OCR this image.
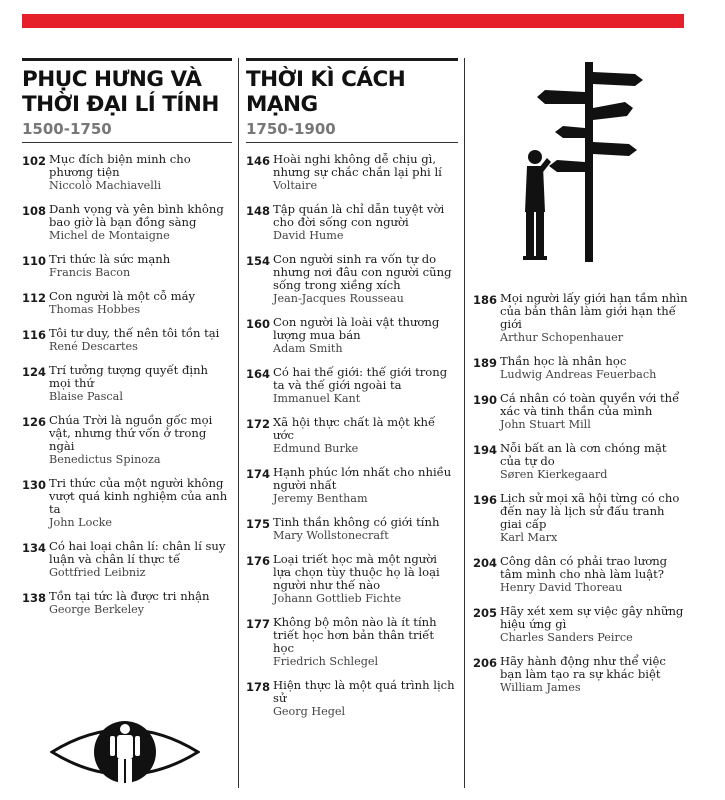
PHỤC HƯNG VÀ
THỜI ĐẠI LÍ TÍNH
1500-1750
102 Mục đích biện minh cho phương tiện
Niccolò Machiavelli
108 Danh vọng và yên bình không bao giờ là bạn đồng sàng
Michel de Montaigne
110 Tri thức là sức mạnh
Francis Bacon
112 Con người là một cỗ máy
Thomas Hobbes
116 Tôi tư duy, thế nên tôi tồn tại
René Descartes
124 Trí tưởng tượng quyết định mọi thứ
Blaise Pascal
126 Chúa Trời là nguồn gốc mọi vật, nhưng thứ vốn ở trong ngài
Benedictus Spinoza
130 Tri thức của một người không vượt quá kinh nghiệm của anh ta
John Locke
134 Có hai loại chân lí: chân lí suy luận và chân lí thực tế
Gottfried Leibniz
138 Tồn tại tức là được tri nhận
George Berkeley
THỜI KÌ CÁCH
MẠNG
1750-1900
146 Hoài nghi không dễ chịu gì, nhưng sự chắc chắn lại phi lí
Voltaire
148 Tập quán là chỉ dẫn tuyệt vời cho đời sống con người
David Hume
154 Con người sinh ra vốn tự do nhưng nơi đâu con người cũng sống trong xiềng xích
Jean-Jacques Rousseau
160 Con người là loài vật thương lượng mua bán
Adam Smith
164 Có hai thế giới: thế giới trong ta và thế giới ngoài ta
Immanuel Kant
172 Xã hội thực chất là một khế ước
Edmund Burke
174 Hạnh phúc lớn nhất cho nhiều người nhất
Jeremy Bentham
175 Tinh thần không có giới tính
Mary Wollstonecraft
176 Loại triết học mà một người lựa chọn tùy thuộc họ là loại người như thế nào
Johann Gottlieb Fichte
177 Không bộ môn nào là ít tính triết học hơn bản thân triết học
Friedrich Schlegel
178 Hiện thực là một quá trình lịch sử
Georg Hegel
186 Mọi người lấy giới hạn tầm nhìn của bản thân làm giới hạn thế giới
Arthur Schopenhauer
189 Thần học là nhân học
Ludwig Andreas Feuerbach
190 Cá nhân có toàn quyền với thể xác và tinh thần của mình
John Stuart Mill
194 Nỗi bất an là cơn chóng mặt của tự do
Søren Kierkegaard
196 Lịch sử mọi xã hội từng có cho đến nay là lịch sử đấu tranh giai cấp
Karl Marx
204 Công dân có phải trao lương tâm mình cho nhà làm luật?
Henry David Thoreau
205 Hãy xét xem sự việc gây những hiệu ứng gì
Charles Sanders Peirce
206 Hãy hành động như thể việc bạn làm tạo ra sự khác biệt
William James
